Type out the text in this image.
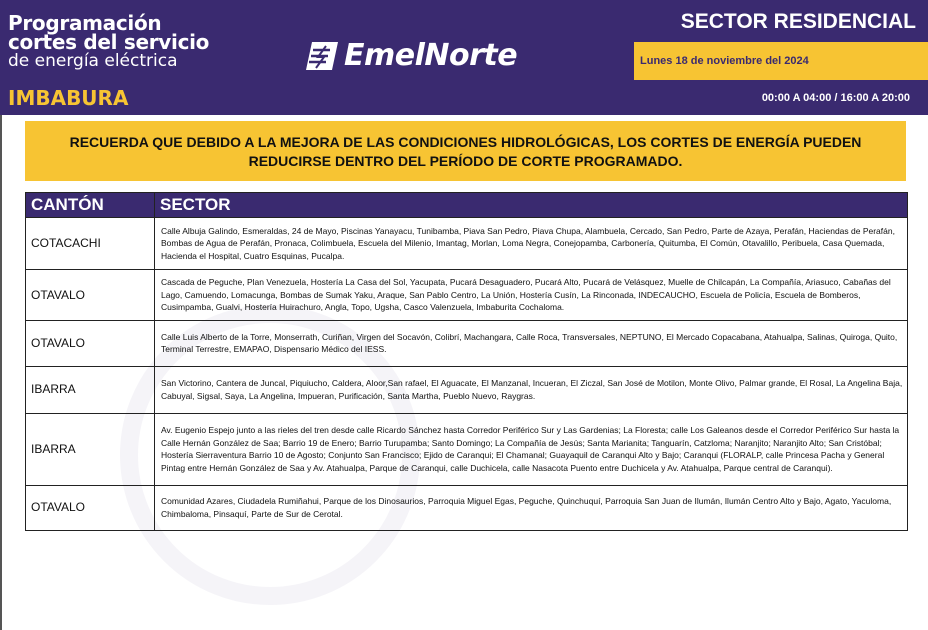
Programación
cortes del servicio
de energía eléctrica
IMBABURA
EmelNorte
SECTOR RESIDENCIAL
Lunes 18 de noviembre del 2024
00:00 A 04:00 / 16:00 A 20:00
RECUERDA QUE DEBIDO A LA MEJORA DE LAS CONDICIONES HIDROLÓGICAS, LOS CORTES DE ENERGÍA PUEDEN
REDUCIRSE DENTRO DEL PERÍODO DE CORTE PROGRAMADO.
CANTÓN	SECTOR
COTACACHI	Calle Albuja Galindo, Esmeraldas, 24 de Mayo, Piscinas Yanayacu, Tunibamba, Piava San Pedro, Piava Chupa, Alambuela, Cercado, San Pedro, Parte de Azaya, Perafán, Haciendas de Perafán, Bombas de Agua de Perafán, Pronaca, Colimbuela, Escuela del Milenio, Imantag, Morlan, Loma Negra, Conejopamba, Carbonería, Quitumba, El Común, Otavalillo, Peribuela, Casa Quemada, Hacienda el Hospital, Cuatro Esquinas, Pucalpa.
OTAVALO	Cascada de Peguche, Plan Venezuela, Hostería La Casa del Sol, Yacupata, Pucará Desaguadero, Pucará Alto, Pucará de Velásquez, Muelle de Chilcapán, La Compañía, Ariasuco, Cabañas del Lago, Camuendo, Lomacunga, Bombas de Sumak Yaku, Araque, San Pablo Centro, La Unión, Hostería Cusín, La Rinconada, INDECAUCHO, Escuela de Policía, Escuela de Bomberos, Cusimpamba, Gualvi, Hostería Huirachuro, Angla, Topo, Ugsha, Casco Valenzuela, Imbaburita Cochaloma.
OTAVALO	Calle Luis Alberto de la Torre, Monserrath, Curiñan, Virgen del Socavón, Colibrí, Machangara, Calle Roca, Transversales, NEPTUNO, El Mercado Copacabana, Atahualpa, Salinas, Quiroga, Quito, Terminal Terrestre, EMAPAO, Dispensario Médico del IESS.
IBARRA	San Victorino, Cantera de Juncal, Piquiucho, Caldera, Aloor,San rafael, El Aguacate, El Manzanal, Incueran, El Ziczal, San José de Motilon, Monte Olivo, Palmar grande, El Rosal, La Angelina Baja, Cabuyal, Sigsal, Saya, La Angelina, Impueran, Purificación, Santa Martha, Pueblo Nuevo, Raygras.
IBARRA	Av. Eugenio Espejo junto a las rieles del tren desde calle Ricardo Sánchez hasta Corredor Periférico Sur y Las Gardenias; La Floresta; calle Los Galeanos desde el Corredor Periférico Sur hasta la Calle Hernán González de Saa; Barrio 19 de Enero; Barrio Turupamba; Santo Domingo; La Compañía de Jesús; Santa Marianita; Tanguarín, Catzloma; Naranjito; Naranjito Alto; San Cristóbal; Hostería Sierraventura Barrio 10 de Agosto; Conjunto San Francisco; Ejido de Caranqui; El Chamanal; Guayaquil de Caranqui Alto y Bajo; Caranqui (FLORALP, calle Princesa Pacha y General Pintag entre Hernán González de Saa y Av. Atahualpa, Parque de Caranqui, calle Duchicela, calle Nasacota Puento entre Duchicela y Av. Atahualpa, Parque central de Caranqui).
OTAVALO	Comunidad Azares, Ciudadela Rumiñahui, Parque de los Dinosaurios, Parroquia Miguel Egas, Peguche, Quinchuquí, Parroquia San Juan de Ilumán, Ilumán Centro Alto y Bajo, Agato, Yaculoma, Chimbaloma, Pinsaquí, Parte de Sur de Cerotal.
